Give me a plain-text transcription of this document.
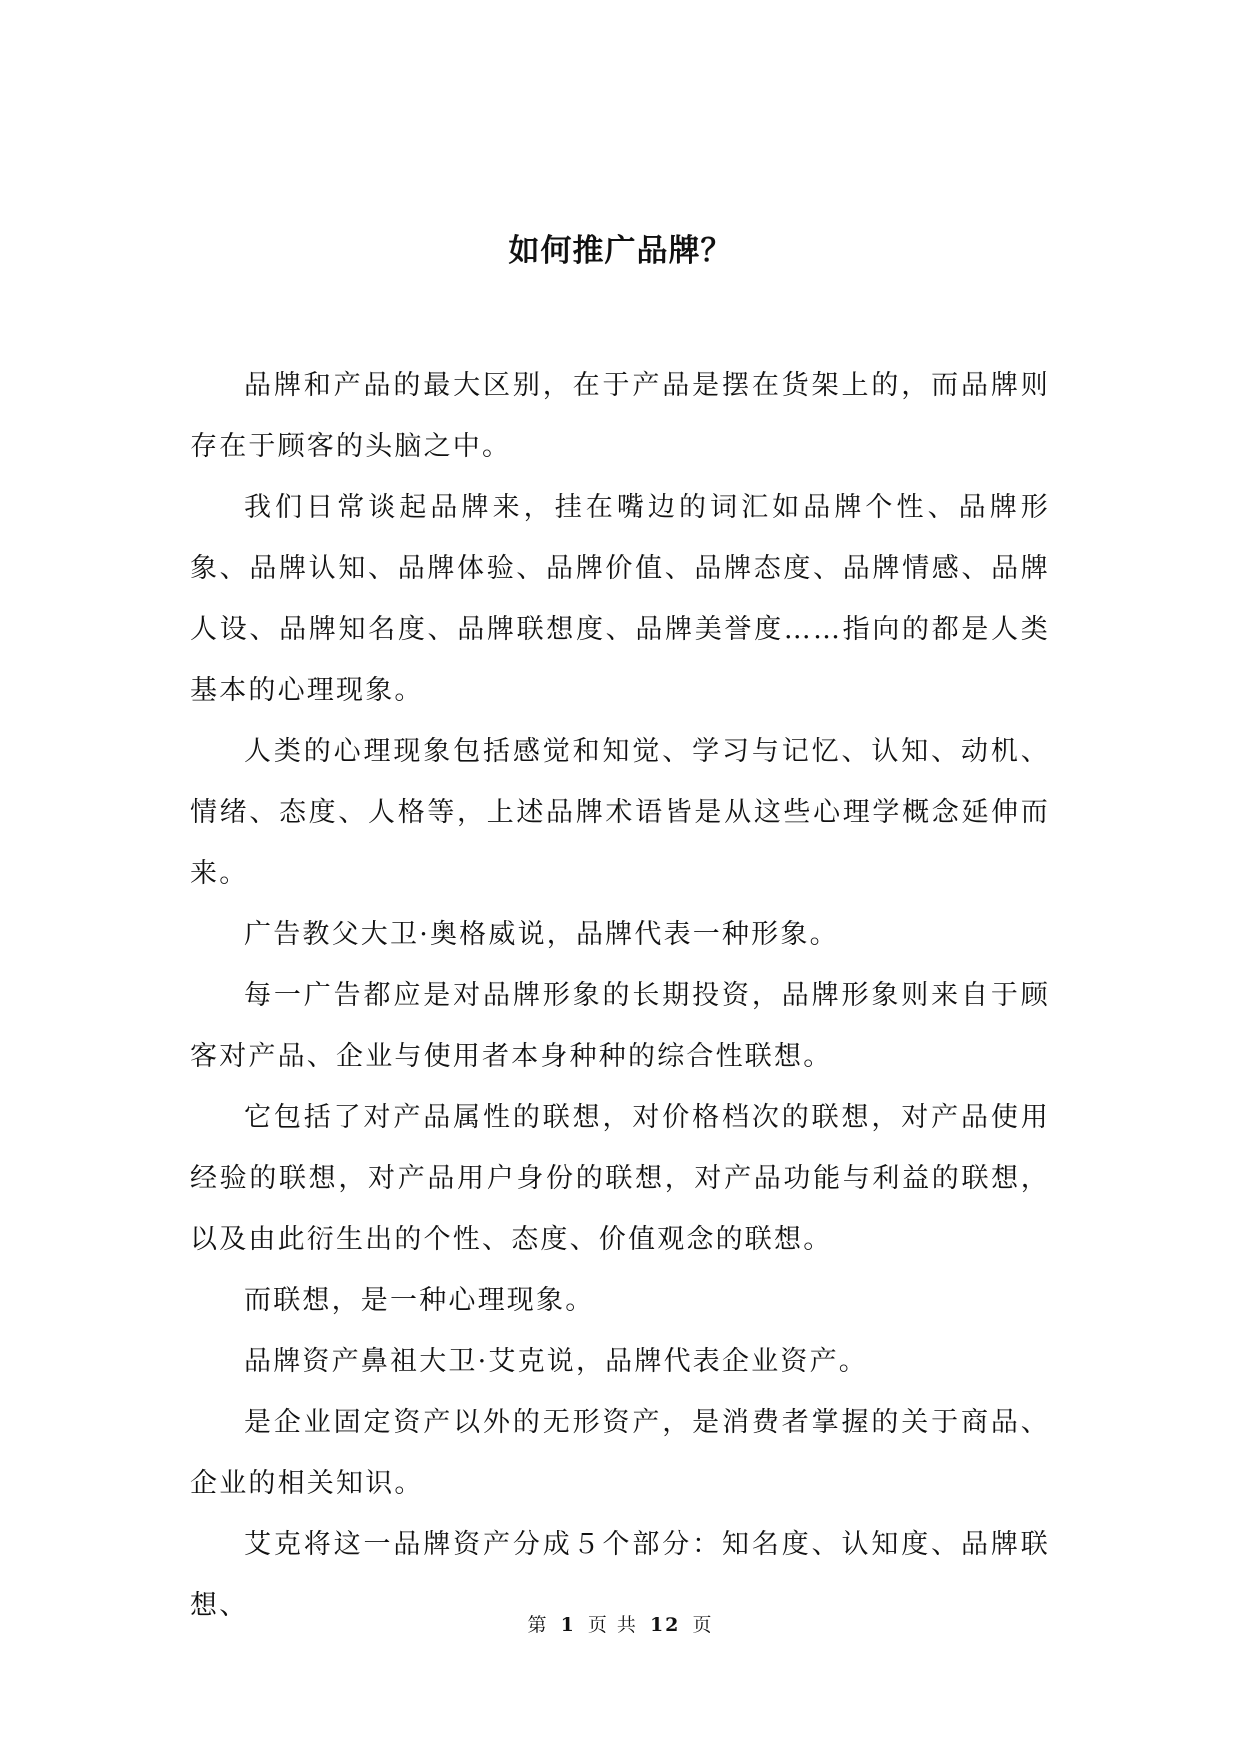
如何推广品牌？

品牌和产品的最大区别，在于产品是摆在货架上的，而品牌则存在于顾客的头脑之中。

我们日常谈起品牌来，挂在嘴边的词汇如品牌个性、品牌形象、品牌认知、品牌体验、品牌价值、品牌态度、品牌情感、品牌人设、品牌知名度、品牌联想度、品牌美誉度……指向的都是人类基本的心理现象。

人类的心理现象包括感觉和知觉、学习与记忆、认知、动机、情绪、态度、人格等，上述品牌术语皆是从这些心理学概念延伸而来。

广告教父大卫·奥格威说，品牌代表一种形象。

每一广告都应是对品牌形象的长期投资，品牌形象则来自于顾客对产品、企业与使用者本身种种的综合性联想。

它包括了对产品属性的联想，对价格档次的联想，对产品使用经验的联想，对产品用户身份的联想，对产品功能与利益的联想，以及由此衍生出的个性、态度、价值观念的联想。

而联想，是一种心理现象。

品牌资产鼻祖大卫·艾克说，品牌代表企业资产。

是企业固定资产以外的无形资产，是消费者掌握的关于商品、企业的相关知识。

艾克将这一品牌资产分成５个部分：知名度、认知度、品牌联想、

第 1 页 共 12 页
